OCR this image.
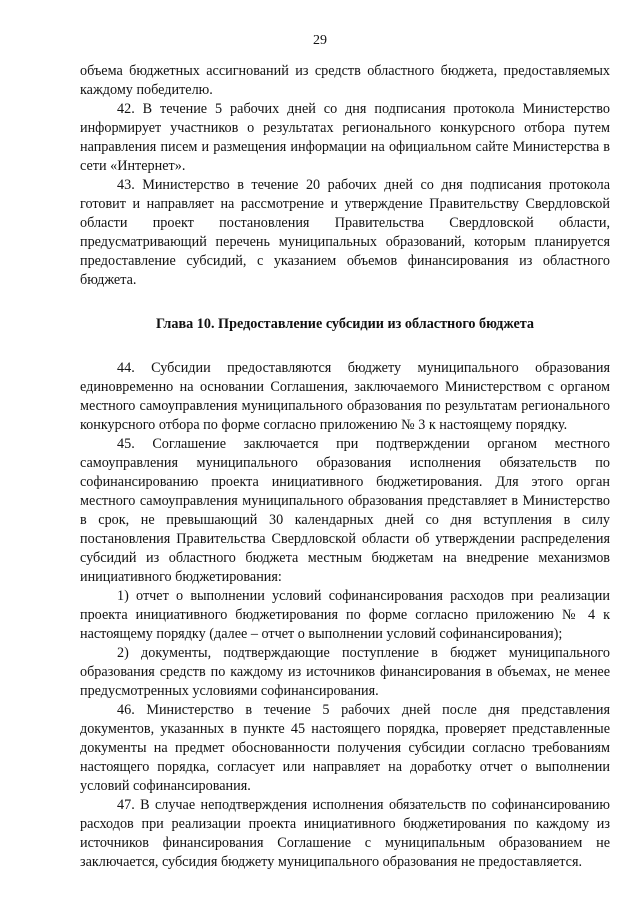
29

объема бюджетных ассигнований из средств областного бюджета, предоставляемых каждому победителю.

42. В течение 5 рабочих дней со дня подписания протокола Министерство информирует участников о результатах регионального конкурсного отбора путем направления писем и размещения информации на официальном сайте Министерства в сети «Интернет».

43. Министерство в течение 20 рабочих дней со дня подписания протокола готовит и направляет на рассмотрение и утверждение Правительству Свердловской области проект постановления Правительства Свердловской области, предусматривающий перечень муниципальных образований, которым планируется предоставление субсидий, с указанием объемов финансирования из областного бюджета.

Глава 10. Предоставление субсидии из областного бюджета

44. Субсидии предоставляются бюджету муниципального образования единовременно на основании Соглашения, заключаемого Министерством с органом местного самоуправления муниципального образования по результатам регионального конкурсного отбора по форме согласно приложению № 3 к настоящему порядку.

45. Соглашение заключается при подтверждении органом местного самоуправления муниципального образования исполнения обязательств по софинансированию проекта инициативного бюджетирования. Для этого орган местного самоуправления муниципального образования представляет в Министерство в срок, не превышающий 30 календарных дней со дня вступления в силу постановления Правительства Свердловской области об утверждении распределения субсидий из областного бюджета местным бюджетам на внедрение механизмов инициативного бюджетирования:

1) отчет о выполнении условий софинансирования расходов при реализации проекта инициативного бюджетирования по форме согласно приложению № 4 к настоящему порядку (далее – отчет о выполнении условий софинансирования);

2) документы, подтверждающие поступление в бюджет муниципального образования средств по каждому из источников финансирования в объемах, не менее предусмотренных условиями софинансирования.

46. Министерство в течение 5 рабочих дней после дня представления документов, указанных в пункте 45 настоящего порядка, проверяет представленные документы на предмет обоснованности получения субсидии согласно требованиям настоящего порядка, согласует или направляет на доработку отчет о выполнении условий софинансирования.

47. В случае неподтверждения исполнения обязательств по софинансированию расходов при реализации проекта инициативного бюджетирования по каждому из источников финансирования Соглашение с муниципальным образованием не заключается, субсидия бюджету муниципального образования не предоставляется.
